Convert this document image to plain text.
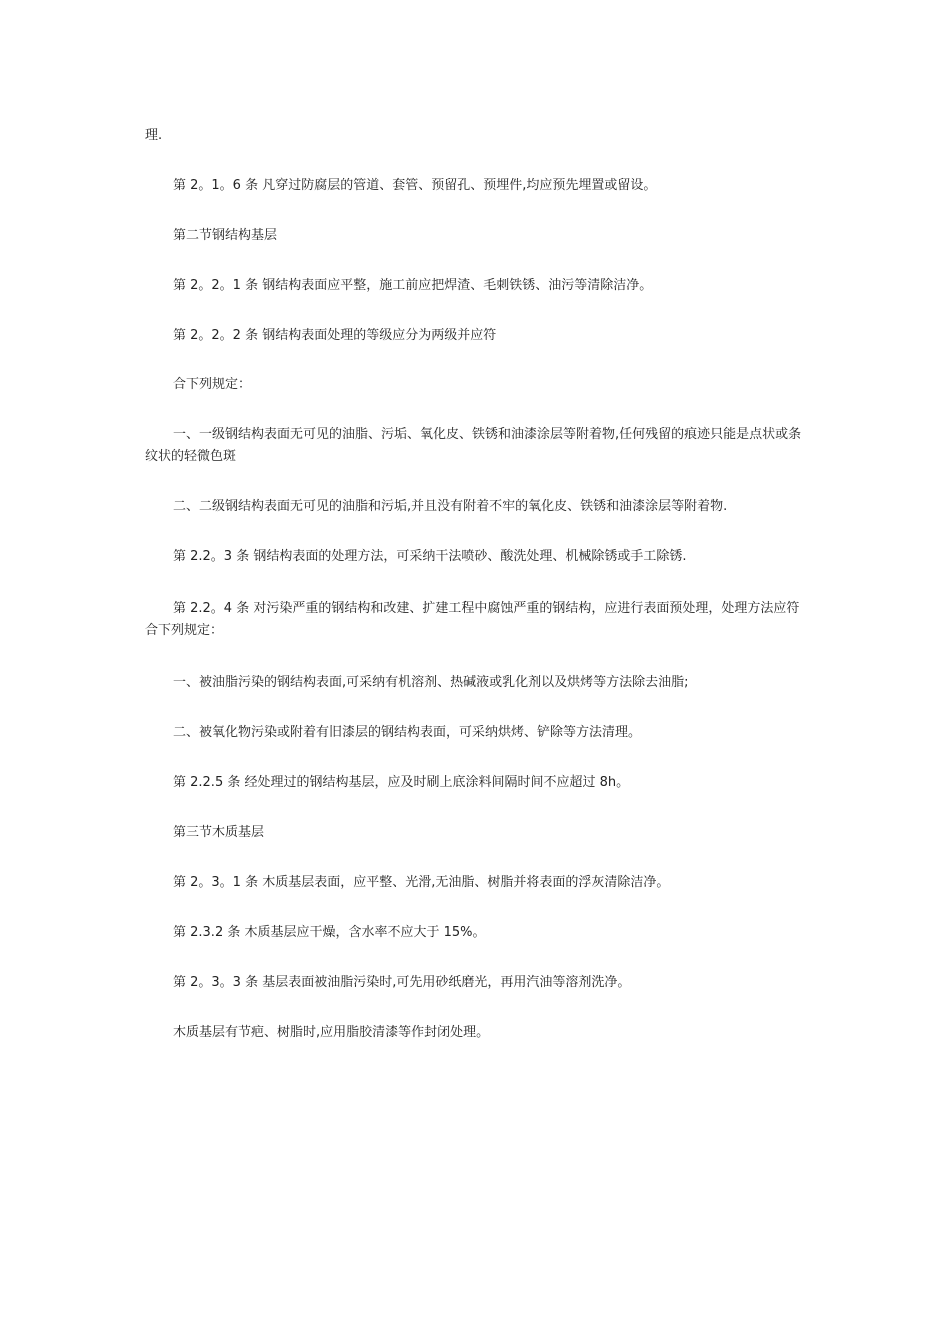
理.

第 2。1。6 条 凡穿过防腐层的管道、套管、预留孔、预埋件,均应预先埋置或留设。

第二节钢结构基层

第 2。2。1 条 钢结构表面应平整，施工前应把焊渣、毛刺铁锈、油污等清除洁净。

第 2。2。2 条 钢结构表面处理的等级应分为两级并应符

合下列规定：

一、一级钢结构表面无可见的油脂、污垢、氧化皮、铁锈和油漆涂层等附着物,任何残留的痕迹只能是点状或条纹状的轻微色斑

二、二级钢结构表面无可见的油脂和污垢,并且没有附着不牢的氧化皮、铁锈和油漆涂层等附着物.

第 2.2。3 条 钢结构表面的处理方法，可采纳干法喷砂、酸洗处理、机械除锈或手工除锈.

第 2.2。4 条 对污染严重的钢结构和改建、扩建工程中腐蚀严重的钢结构，应进行表面预处理，处理方法应符合下列规定：

一、被油脂污染的钢结构表面,可采纳有机溶剂、热碱液或乳化剂以及烘烤等方法除去油脂;

二、被氧化物污染或附着有旧漆层的钢结构表面，可采纳烘烤、铲除等方法清理。

第 2.2.5 条 经处理过的钢结构基层，应及时刷上底涂料间隔时间不应超过 8h。

第三节木质基层

第 2。3。1 条 木质基层表面，应平整、光滑,无油脂、树脂并将表面的浮灰清除洁净。

第 2.3.2 条 木质基层应干燥，含水率不应大于 15%。

第 2。3。3 条 基层表面被油脂污染时,可先用砂纸磨光，再用汽油等溶剂洗净。

木质基层有节疤、树脂时,应用脂胶清漆等作封闭处理。
